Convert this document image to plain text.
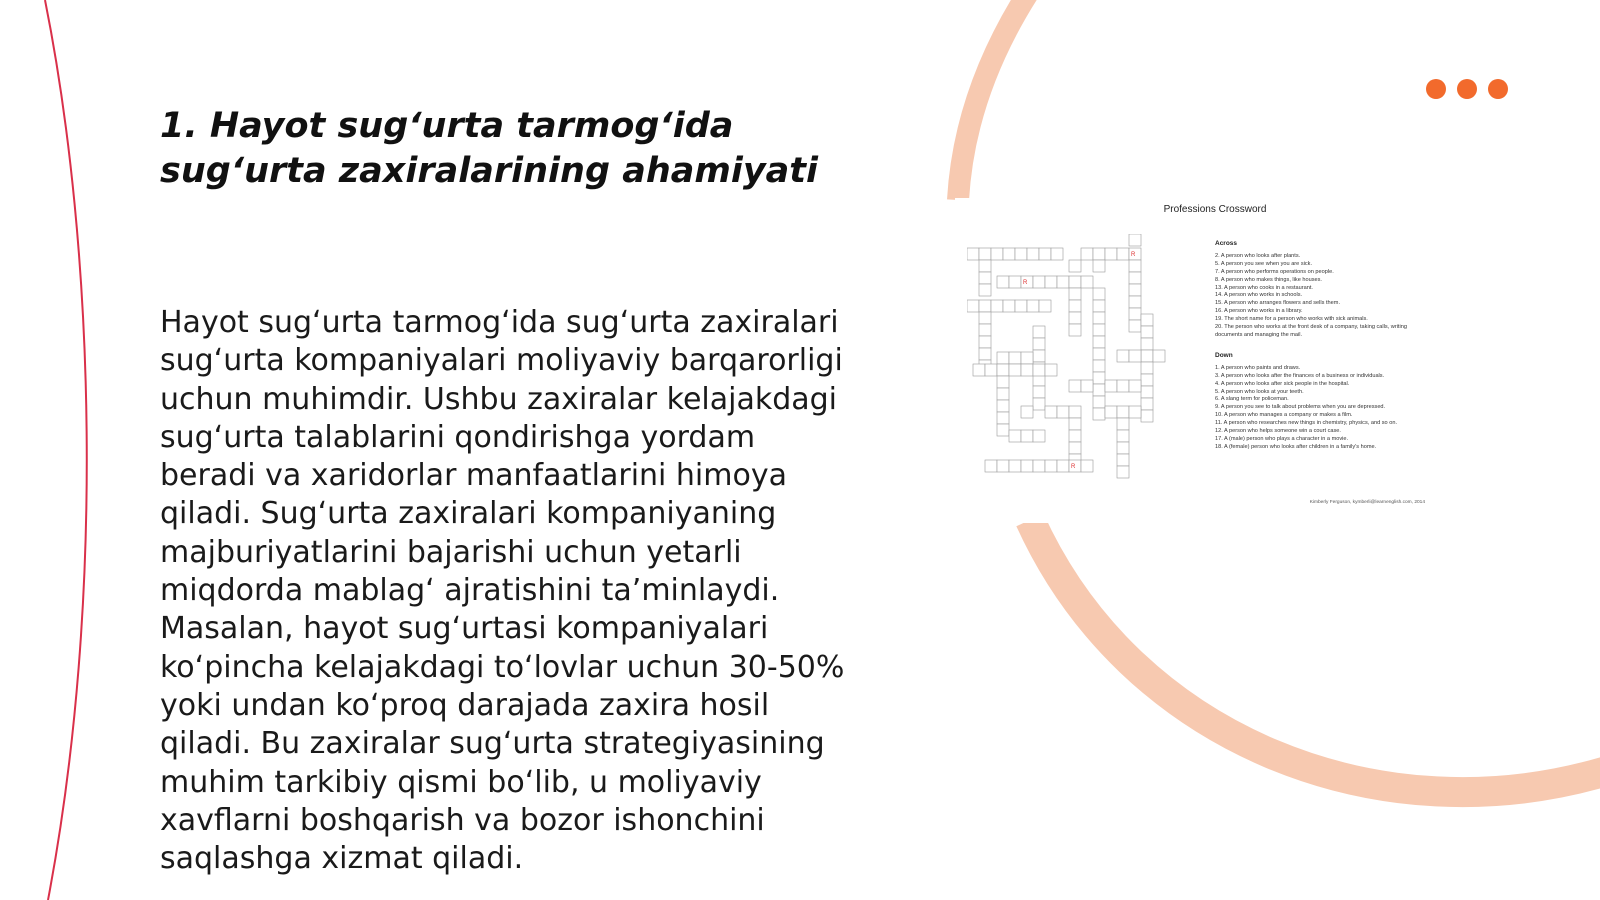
1. Hayot sug‘urta tarmog‘ida sug‘urta zaxiralarining ahamiyati

Hayot sug‘urta tarmog‘ida sug‘urta zaxiralari
sug‘urta kompaniyalari moliyaviy barqarorligi
uchun muhimdir. Ushbu zaxiralar kelajakdagi
sug‘urta talablarini qondirishga yordam
beradi va xaridorlar manfaatlarini himoya
qiladi. Sug‘urta zaxiralari kompaniyaning
majburiyatlarini bajarishi uchun yetarli
miqdorda mablag‘ ajratishini ta’minlaydi.
Masalan, hayot sug‘urtasi kompaniyalari
ko‘pincha kelajakdagi to‘lovlar uchun 30-50%
yoki undan ko‘proq darajada zaxira hosil
qiladi. Bu zaxiralar sug‘urta strategiyasining
muhim tarkibiy qismi bo‘lib, u moliyaviy
xavflarni boshqarish va bozor ishonchini
saqlashga xizmat qiladi.

Professions Crossword
R
R
R
Across
2. A person who looks after plants.
5. A person you see when you are sick.
7. A person who performs operations on people.
8. A person who makes things, like houses.
13. A person who cooks in a restaurant.
14. A person who works in schools.
15. A person who arranges flowers and sells them.
16. A person who works in a library.
19. The short name for a person who works with sick animals.
20. The person who works at the front desk of a company, taking calls, writing documents and managing the mail.
Down
1. A person who paints and draws.
3. A person who looks after the finances of a business or individuals.
4. A person who looks after sick people in the hospital.
5. A person who looks at your teeth.
6. A slang term for policeman.
9. A person you see to talk about problems when you are depressed.
10. A person who manages a company or makes a film.
11. A person who researches new things in chemistry, physics, and so on.
12. A person who helps someone win a court case.
17. A (male) person who plays a character in a movie.
18. A (female) person who looks after children in a family's home.
Kimberly Ferguson, kymberli@learnenglish.com, 2014
